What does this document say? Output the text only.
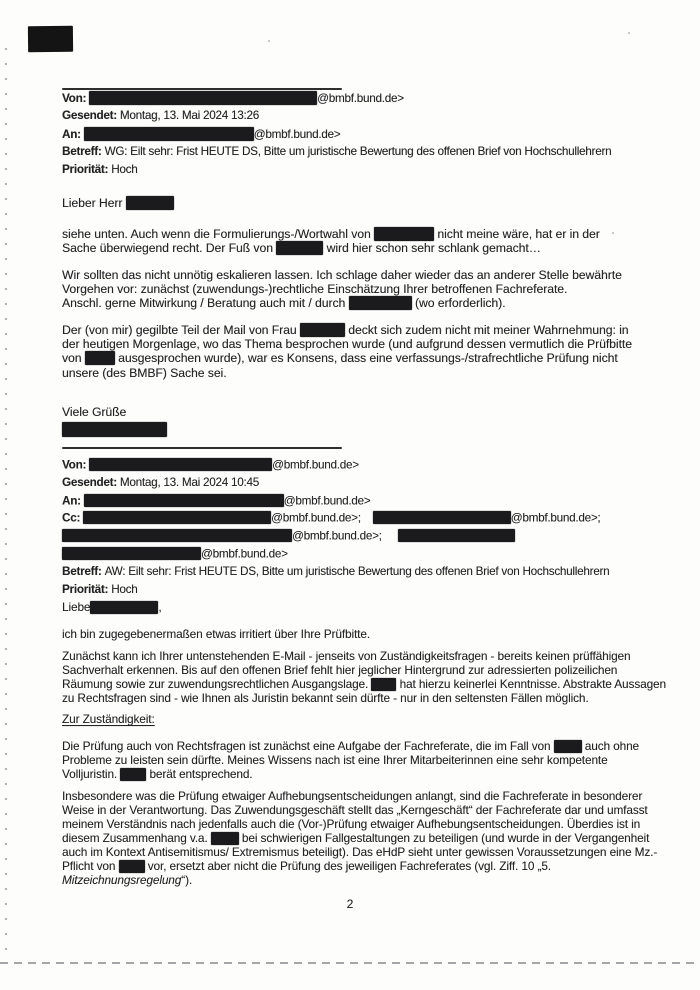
Von:	@bmbf.bund.de>
Gesendet: Montag, 13. Mai 2024 13:26
An:	@bmbf.bund.de>
Betreff: WG: Eilt sehr: Frist HEUTE DS, Bitte um juristische Bewertung des offenen Brief von Hochschullehrern
Priorität: Hoch
Lieber Herr
siehe unten. Auch wenn die Formulierungs-/Wortwahl von	nicht meine wäre, hat er in der
Sache überwiegend recht. Der Fuß von	wird hier schon sehr schlank gemacht…
Wir sollten das nicht unnötig eskalieren lassen. Ich schlage daher wieder das an anderer Stelle bewährte
Vorgehen vor: zunächst (zuwendungs-)rechtliche Einschätzung Ihrer betroffenen Fachreferate.
Anschl. gerne Mitwirkung / Beratung auch mit / durch	(wo erforderlich).
Der (von mir) gegilbte Teil der Mail von Frau	deckt sich zudem nicht mit meiner Wahrnehmung: in
der heutigen Morgenlage, wo das Thema besprochen wurde (und aufgrund dessen vermutlich die Prüfbitte
von  ausgesprochen wurde), war es Konsens, dass eine verfassungs-/strafrechtliche Prüfung nicht
unsere (des BMBF) Sache sei.
Viele Grüße
Von:	@bmbf.bund.de>
Gesendet: Montag, 13. Mai 2024 10:45
An:	@bmbf.bund.de>
Cc:	@bmbf.bund.de>;	@bmbf.bund.de>;
@bmbf.bund.de>;
@bmbf.bund.de>
Betreff: AW: Eilt sehr: Frist HEUTE DS, Bitte um juristische Bewertung des offenen Brief von Hochschullehrern
Priorität: Hoch
Liebe	,
ich bin zugegebenermaßen etwas irritiert über Ihre Prüfbitte.
Zunächst kann ich Ihrer untenstehenden E-Mail - jenseits von Zuständigkeitsfragen - bereits keinen prüffähigen
Sachverhalt erkennen. Bis auf den offenen Brief fehlt hier jeglicher Hintergrund zur adressierten polizeilichen
Räumung sowie zur zuwendungsrechtlichen Ausgangslage.  hat hierzu keinerlei Kenntnisse. Abstrakte Aussagen
zu Rechtsfragen sind - wie Ihnen als Juristin bekannt sein dürfte - nur in den seltensten Fällen möglich.
Zur Zuständigkeit:
Die Prüfung auch von Rechtsfragen ist zunächst eine Aufgabe der Fachreferate, die im Fall von  auch ohne
Probleme zu leisten sein dürfte. Meines Wissens nach ist eine Ihrer Mitarbeiterinnen eine sehr kompetente
Volljuristin.  berät entsprechend.
Insbesondere was die Prüfung etwaiger Aufhebungsentscheidungen anlangt, sind die Fachreferate in besonderer
Weise in der Verantwortung. Das Zuwendungsgeschäft stellt das „Kerngeschäft“ der Fachreferate dar und umfasst
meinem Verständnis nach jedenfalls auch die (Vor-)Prüfung etwaiger Aufhebungsentscheidungen. Überdies ist in
diesem Zusammenhang v.a.  bei schwierigen Fallgestaltungen zu beteiligen (und wurde in der Vergangenheit
auch im Kontext Antisemitismus/ Extremismus beteiligt). Das eHdP sieht unter gewissen Voraussetzungen eine Mz.-
Pflicht von  vor, ersetzt aber nicht die Prüfung des jeweiligen Fachreferates (vgl. Ziff. 10 „5.
Mitzeichnungsregelung“).
2
